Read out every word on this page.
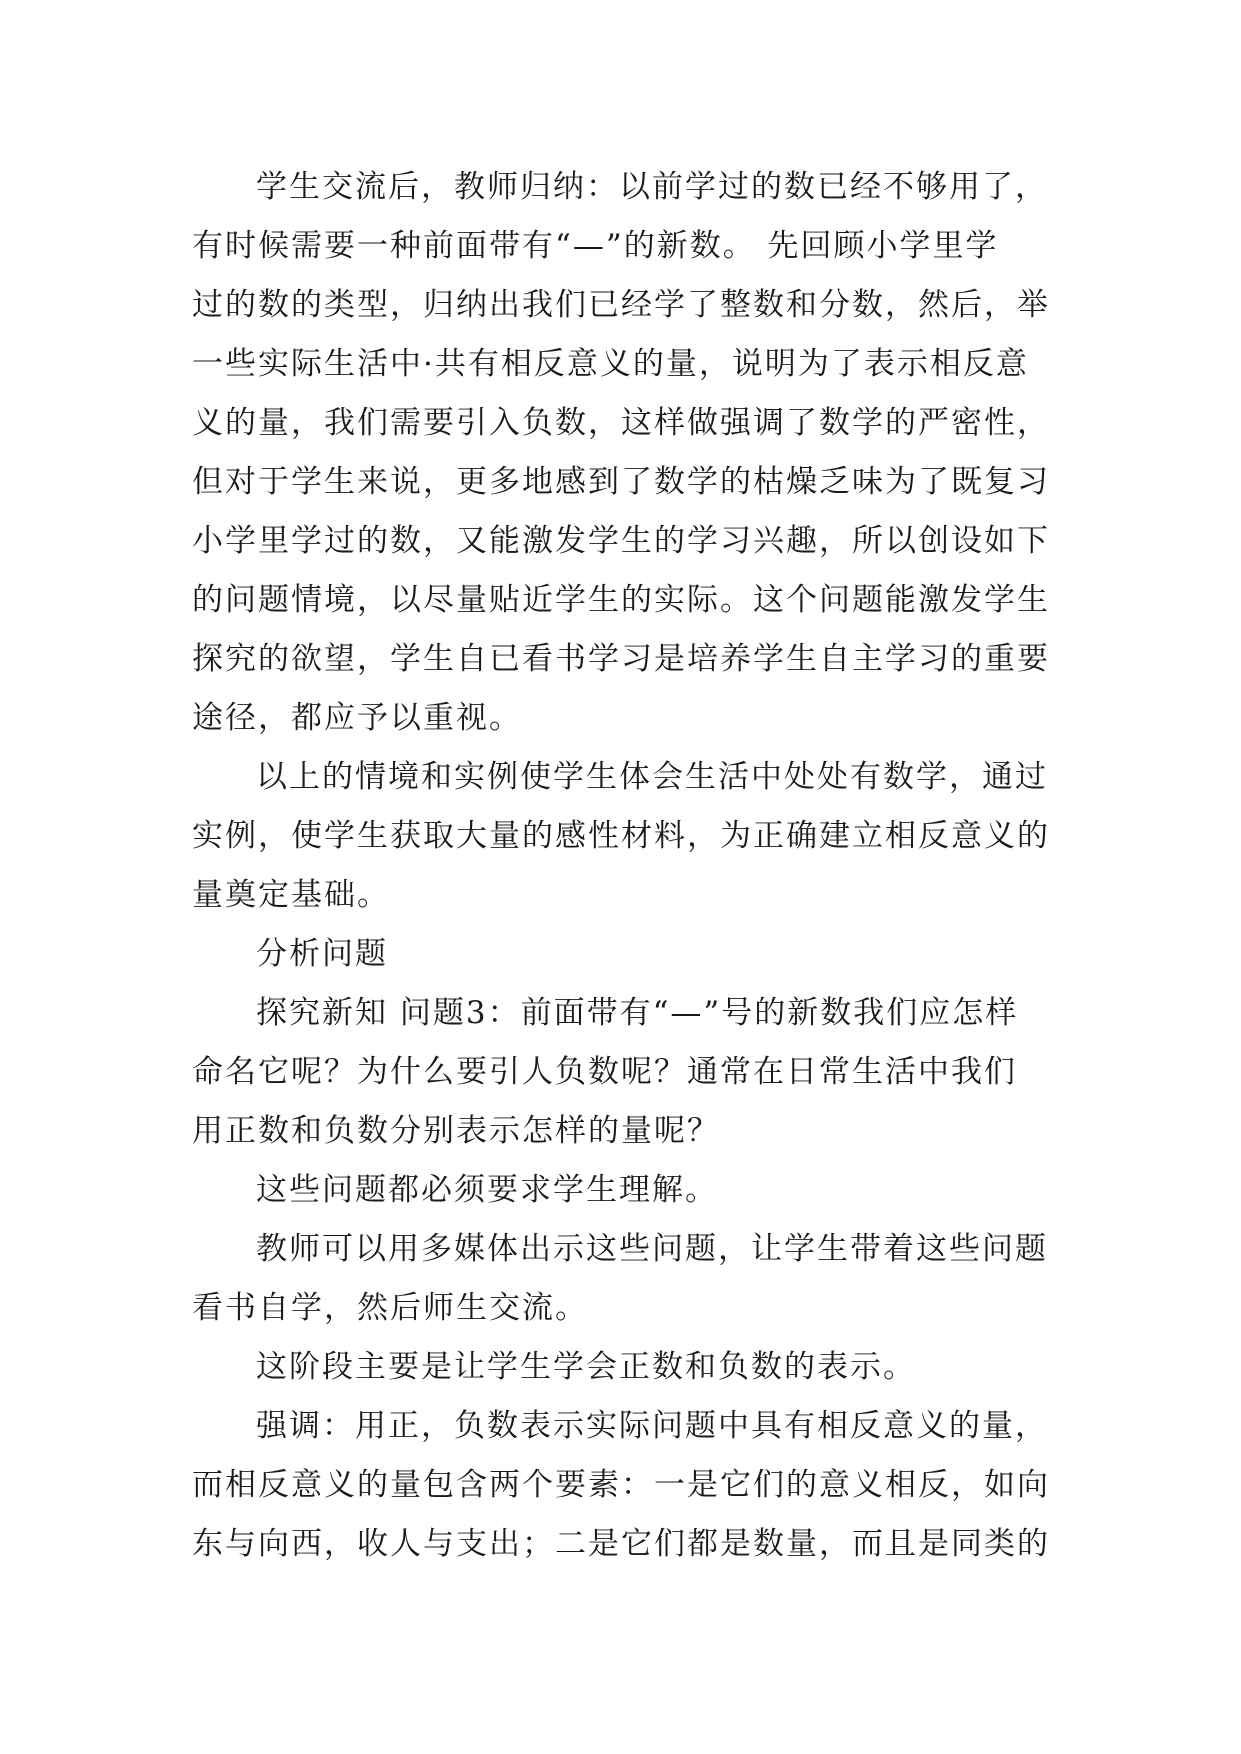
学生交流后，教师归纳：以前学过的数已经不够用了，
有时候需要一种前面带有“—”的新数。 先回顾小学里学
过的数的类型，归纳出我们已经学了整数和分数，然后，举
一些实际生活中·共有相反意义的量，说明为了表示相反意
义的量，我们需要引入负数，这样做强调了数学的严密性，
但对于学生来说，更多地感到了数学的枯燥乏味为了既复习
小学里学过的数，又能激发学生的学习兴趣，所以创设如下
的问题情境，以尽量贴近学生的实际。这个问题能激发学生
探究的欲望，学生自已看书学习是培养学生自主学习的重要
途径，都应予以重视。

以上的情境和实例使学生体会生活中处处有数学，通过
实例，使学生获取大量的感性材料，为正确建立相反意义的
量奠定基础。

分析问题

探究新知 问题3：前面带有“—”号的新数我们应怎样
命名它呢？为什么要引人负数呢？通常在日常生活中我们
用正数和负数分别表示怎样的量呢？

这些问题都必须要求学生理解。

教师可以用多媒体出示这些问题，让学生带着这些问题
看书自学，然后师生交流。

这阶段主要是让学生学会正数和负数的表示。

强调：用正，负数表示实际问题中具有相反意义的量，
而相反意义的量包含两个要素：一是它们的意义相反，如向
东与向西，收人与支出；二是它们都是数量，而且是同类的
